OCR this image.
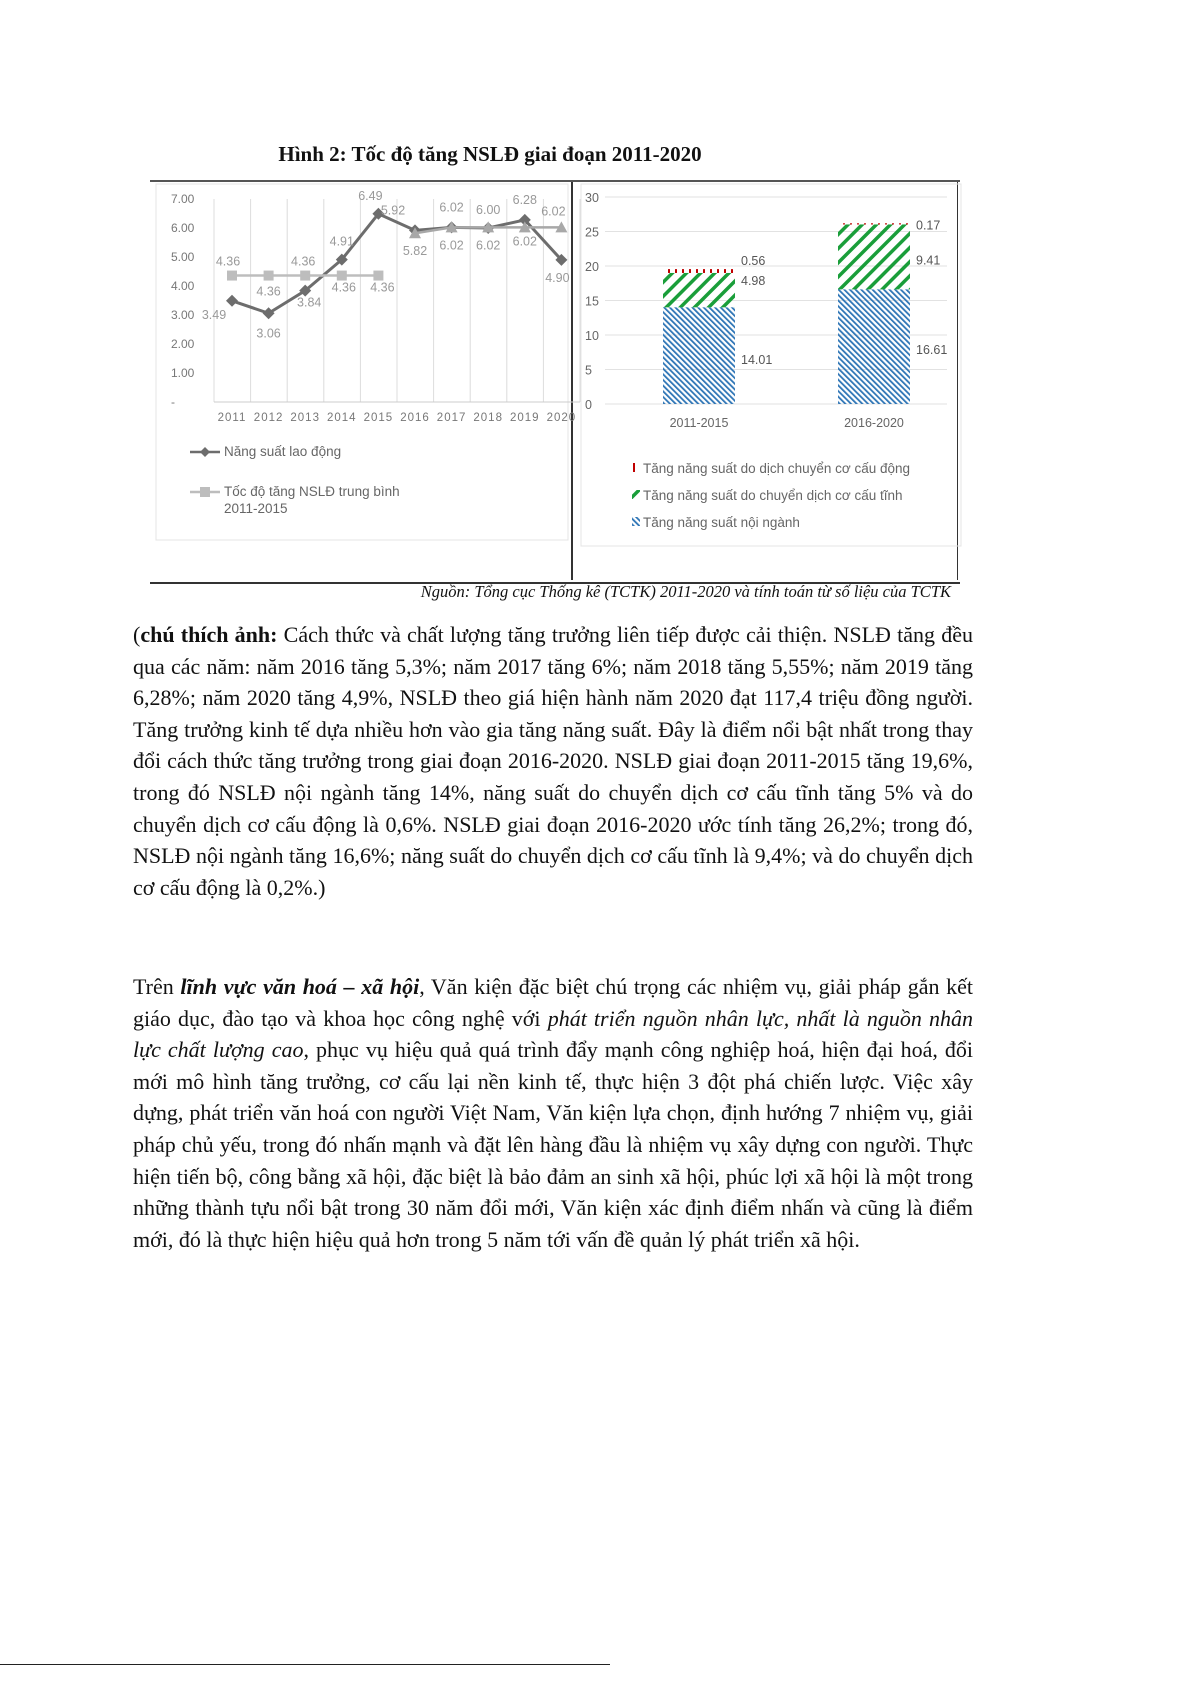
Hình 2: Tốc độ tăng NSLĐ giai đoạn 2011-2020
7.00
6.00
5.00
4.00
3.00
2.00
1.00
-
2011 2012 2013 2014 2015 2016 2017 2018 2019 2020
3.49
3.06
3.84
4.91
6.49
5.92	6.02 6.00
6.28
4.90
4.36
4.36
4.36
4.36 4.36
5.82 6.02 6.02 6.02
6.02
Năng suất lao động
Tốc độ tăng NSLĐ trung bình
2011-2015
0
5
10
15
20
25
30
14.01
4.98
0.56
2011-2015
16.61
9.41
0.17
2016-2020
Tăng năng suất do dịch chuyển cơ cấu động
Tăng năng suất do chuyển dịch cơ cấu tĩnh
Tăng năng suất nội ngành
Nguồn: Tổng cục Thống kê (TCTK) 2011-2020 và tính toán từ số liệu của TCTK
(chú thích ảnh: Cách thức và chất lượng tăng trưởng liên tiếp được cải thiện. NSLĐ tăng đều qua các năm: năm 2016 tăng 5,3%; năm 2017 tăng 6%; năm 2018 tăng 5,55%; năm 2019 tăng 6,28%; năm 2020 tăng 4,9%, NSLĐ theo giá hiện hành năm 2020 đạt 117,4 triệu đồng người. Tăng trưởng kinh tế dựa nhiều hơn vào gia tăng năng suất. Đây là điểm nổi bật nhất trong thay đổi cách thức tăng trưởng trong giai đoạn 2016-2020. NSLĐ giai đoạn 2011-2015 tăng 19,6%, trong đó NSLĐ nội ngành tăng 14%, năng suất do chuyển dịch cơ cấu tĩnh tăng 5% và do chuyển dịch cơ cấu động là 0,6%. NSLĐ giai đoạn 2016-2020 ước tính tăng 26,2%; trong đó, NSLĐ nội ngành tăng 16,6%; năng suất do chuyển dịch cơ cấu tĩnh là 9,4%; và do chuyển dịch cơ cấu động là 0,2%.)
Trên lĩnh vực văn hoá – xã hội, Văn kiện đặc biệt chú trọng các nhiệm vụ, giải pháp gắn kết giáo dục, đào tạo và khoa học công nghệ với phát triển nguồn nhân lực, nhất là nguồn nhân lực chất lượng cao, phục vụ hiệu quả quá trình đẩy mạnh công nghiệp hoá, hiện đại hoá, đổi mới mô hình tăng trưởng, cơ cấu lại nền kinh tế, thực hiện 3 đột phá chiến lược. Việc xây dựng, phát triển văn hoá con người Việt Nam, Văn kiện lựa chọn, định hướng 7 nhiệm vụ, giải pháp chủ yếu, trong đó nhấn mạnh và đặt lên hàng đầu là nhiệm vụ xây dựng con người. Thực hiện tiến bộ, công bằng xã hội, đặc biệt là bảo đảm an sinh xã hội, phúc lợi xã hội là một trong những thành tựu nổi bật trong 30 năm đổi mới, Văn kiện xác định điểm nhấn và cũng là điểm mới, đó là thực hiện hiệu quả hơn trong 5 năm tới vấn đề quản lý phát triển xã hội.
